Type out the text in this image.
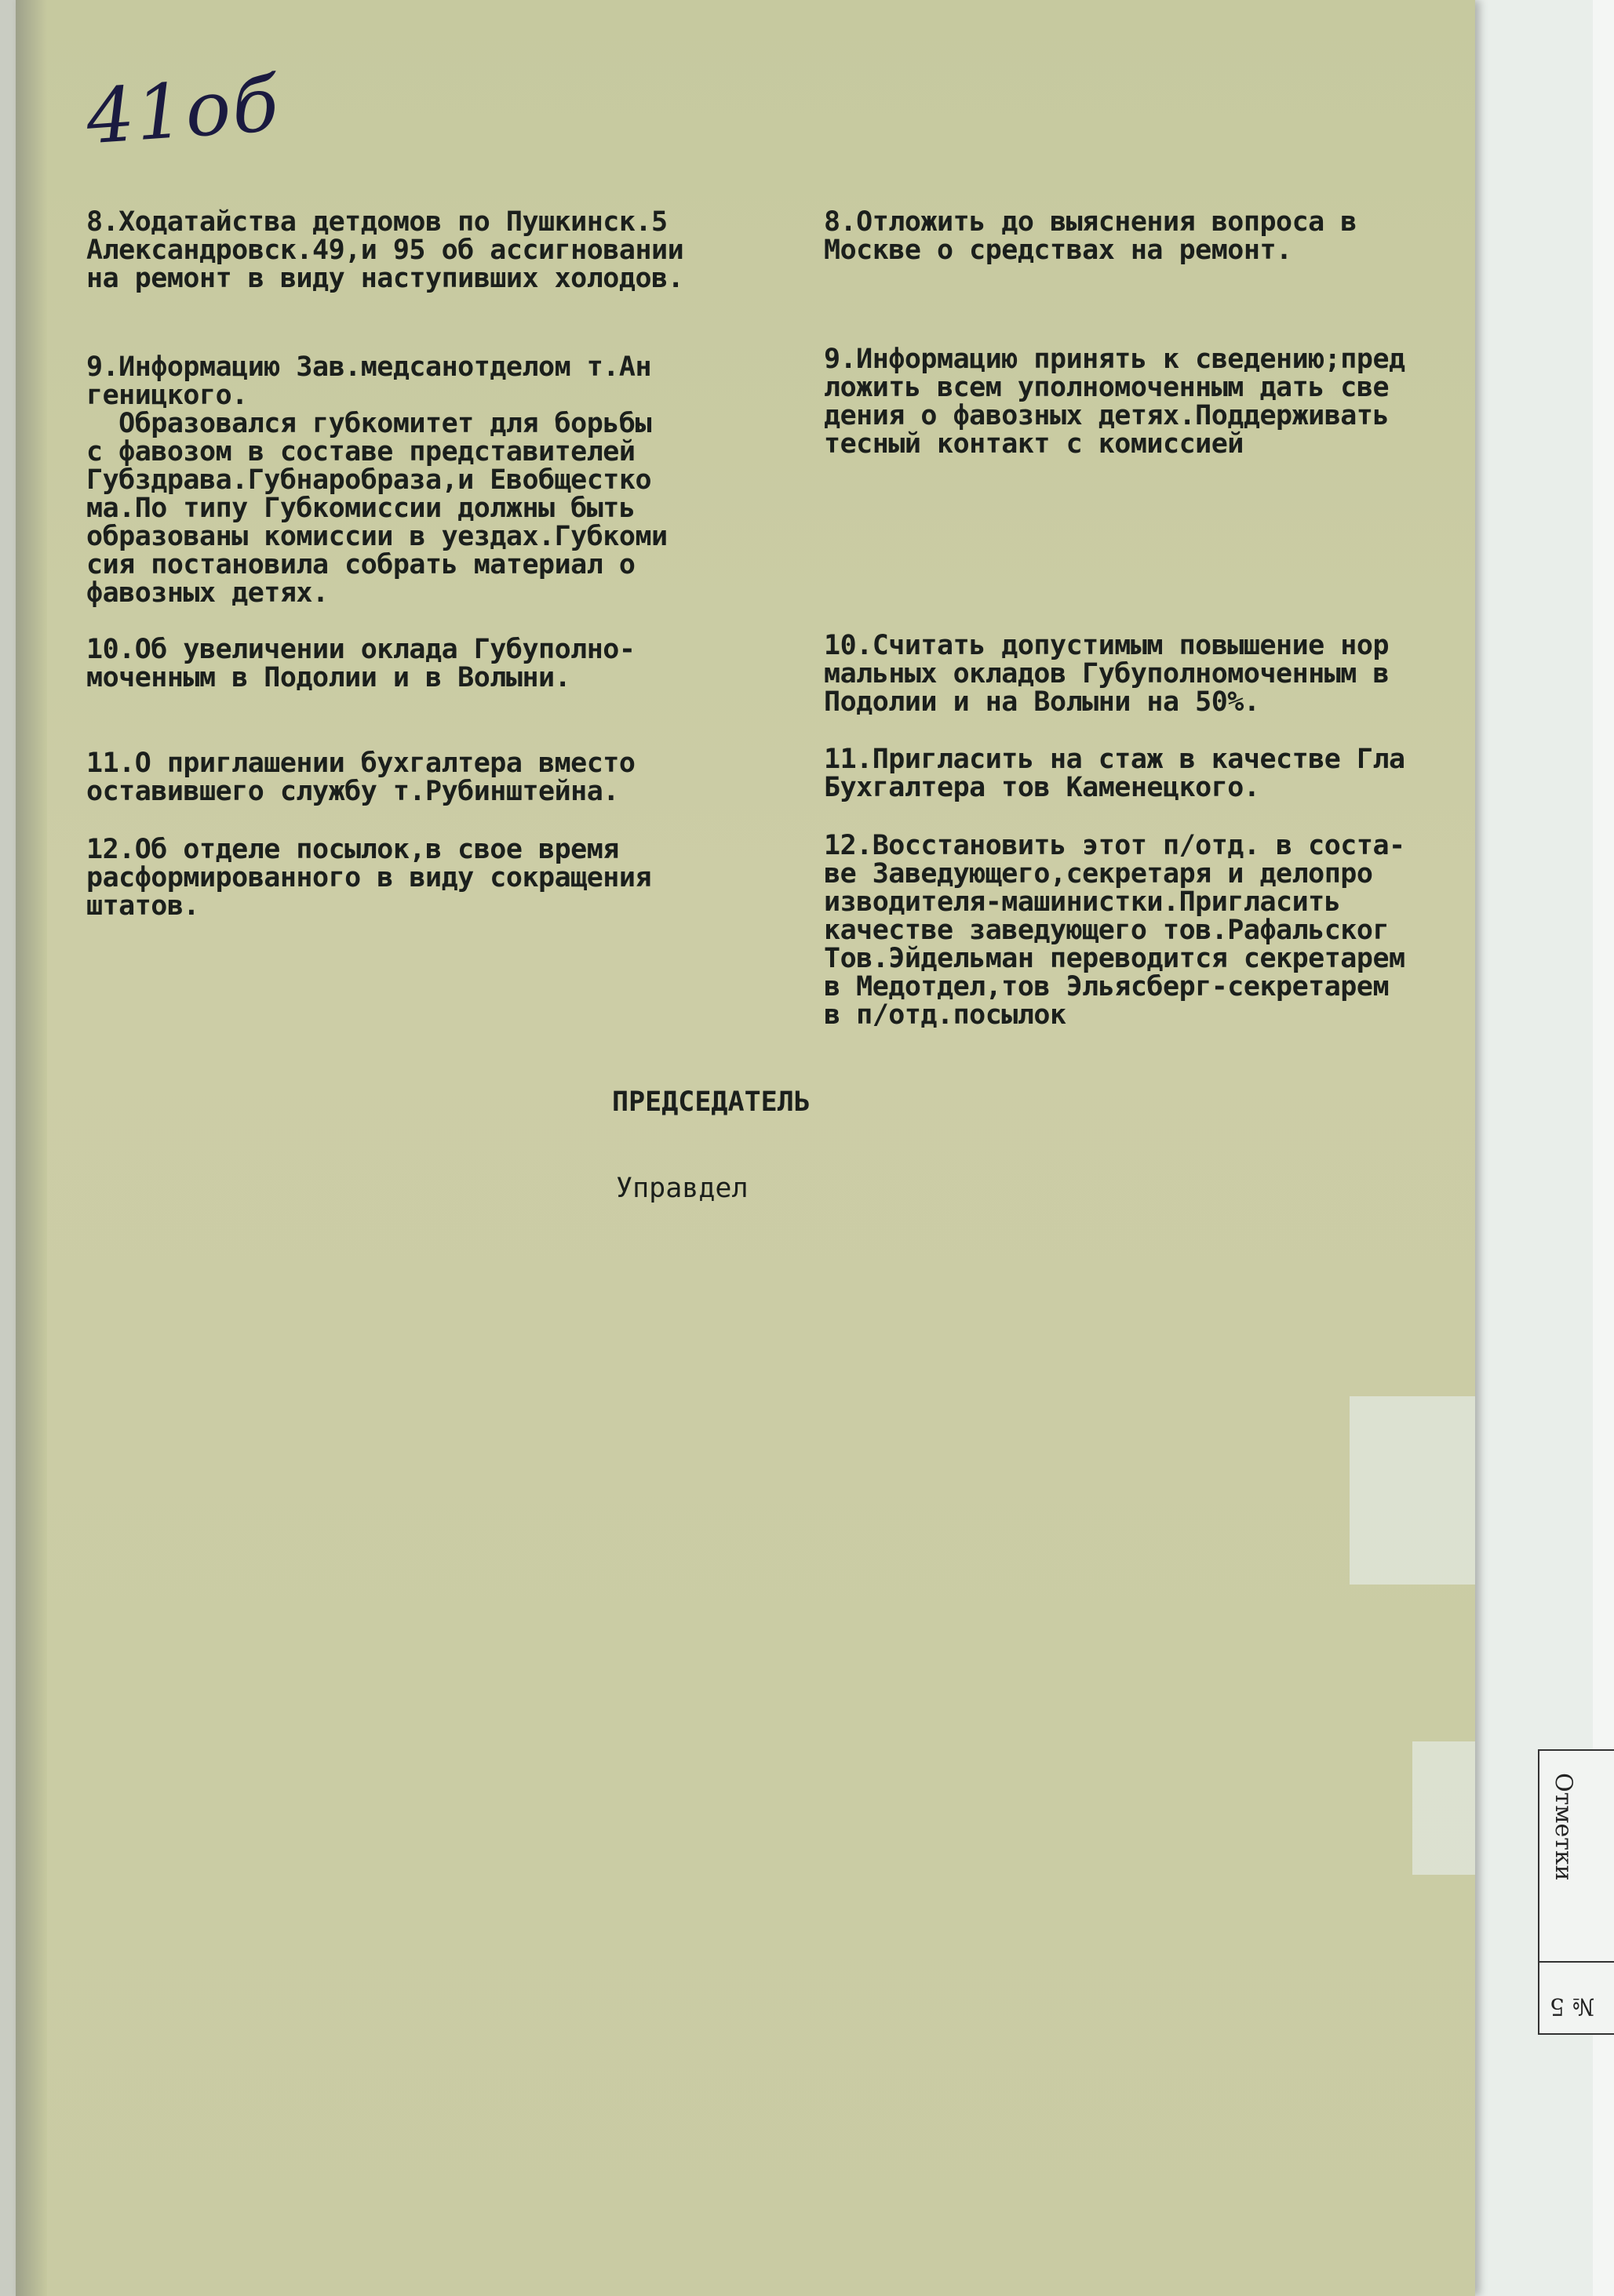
Отметки
№ 5
41об
8.Ходатайства детдомов по Пушкинск.5
Александровск.49,и 95 об ассигновании
на ремонт в виду наступивших холодов.
8.Отложить до выяснения вопроса в
Москве о средствах на ремонт.
9.Информацию Зав.медсанотделом т.Ан
геницкого.
Образовался губкомитет для борьбы
с фавозом в составе представителей
Губздрава.Губнаробраза,и Евобщестко
ма.По типу Губкомиссии должны быть
образованы комиссии в уездах.Губкоми
сия постановила собрать материал о
фавозных детях.
9.Информацию принять к сведению;пред
ложить всем уполномоченным дать све
дения о фавозных детях.Поддерживать
тесный контакт с комиссией
10.Об увеличении оклада Губуполно-
моченным в Подолии и в Волыни.
10.Считать допустимым повышение нор
мальных окладов Губуполномоченным в
Подолии и на Волыни на 50%.
11.О приглашении бухгалтера вместо
оставившего службу т.Рубинштейна.
11.Пригласить на стаж в качестве Гла
Бухгалтера тов Каменецкого.
12.Об отделе посылок,в свое время
расформированного в виду сокращения
штатов.
12.Восстановить этот п/отд. в соста-
ве Заведующего,секретаря и делопро
изводителя-машинистки.Пригласить
качестве заведующего тов.Рафальског
Тов.Эйдельман переводится секретарем
в Медотдел,тов Эльясберг-секретарем
в п/отд.посылок
ПРЕДСЕДАТЕЛЬ
Управдел
